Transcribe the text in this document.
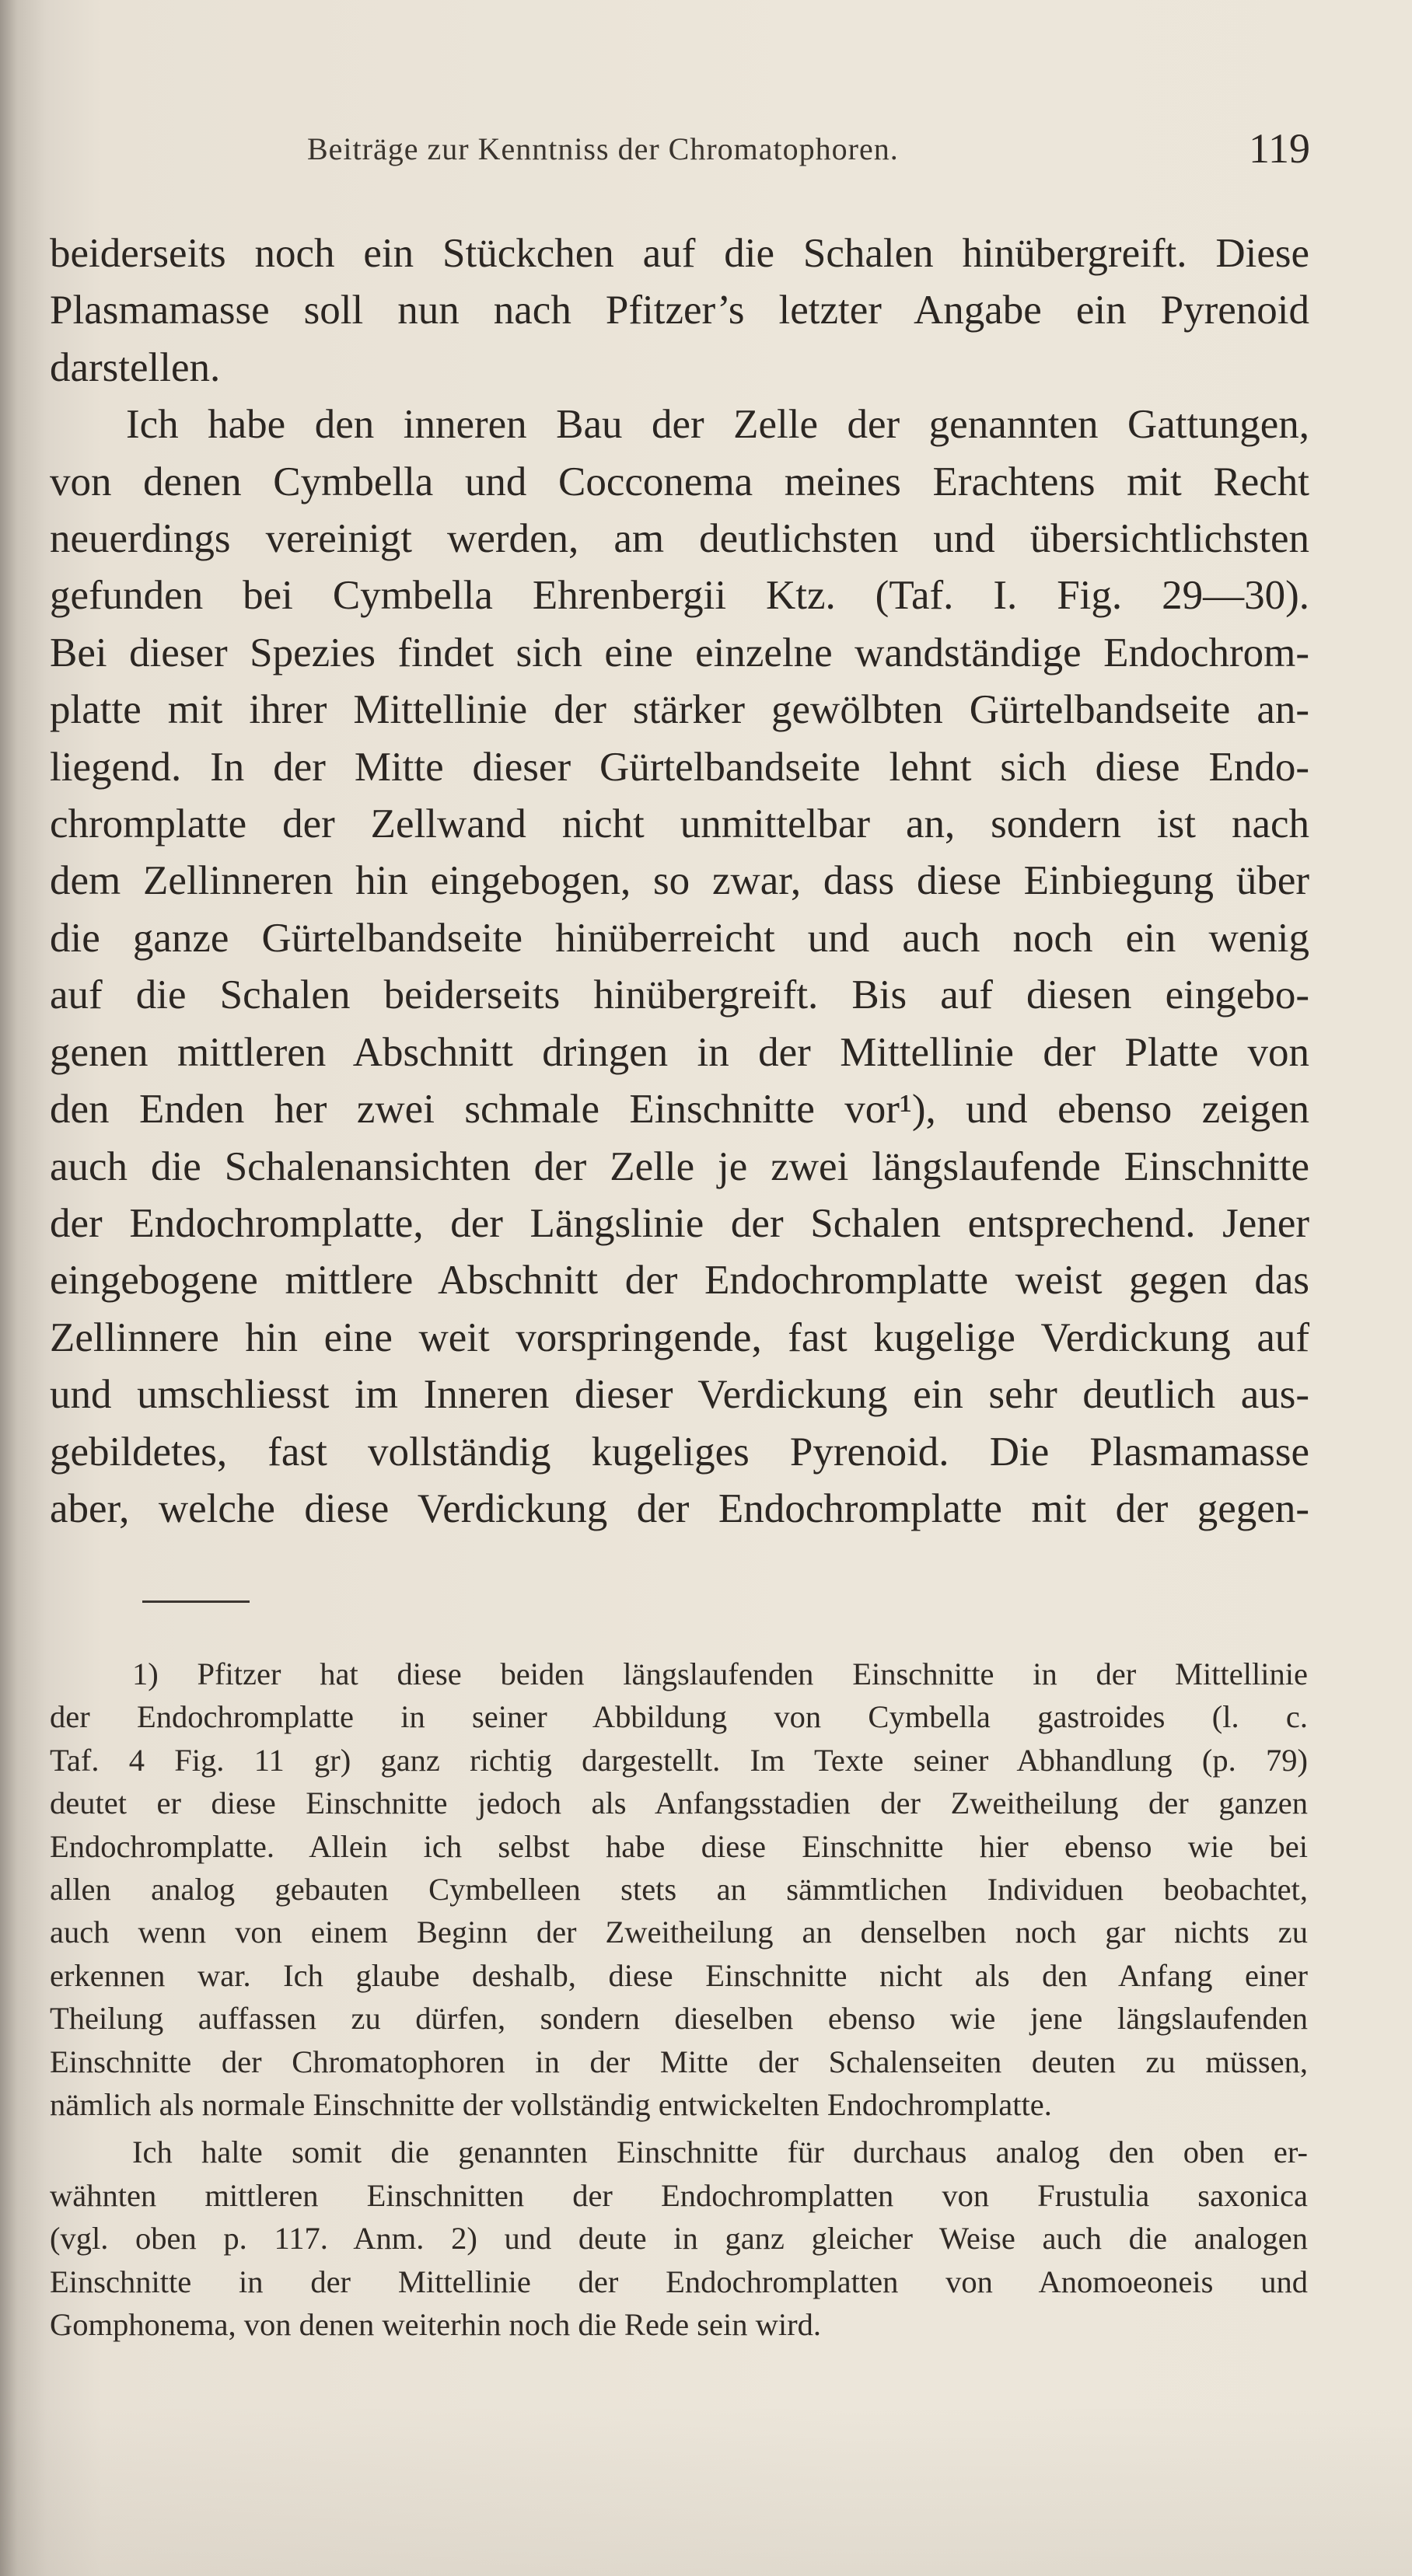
Beiträge zur Kenntniss der Chromatophoren.	119

beiderseits noch ein Stückchen auf die Schalen hinübergreift. Diese

Plasmamasse soll nun nach Pfitzer’s letzter Angabe ein Pyrenoid

darstellen.

Ich habe den inneren Bau der Zelle der genannten Gattungen,

von denen Cymbella und Cocconema meines Erachtens mit Recht

neuerdings vereinigt werden, am deutlichsten und übersichtlichsten

gefunden bei Cymbella Ehrenbergii Ktz. (Taf. I. Fig. 29—30).

Bei dieser Spezies findet sich eine einzelne wandständige Endochrom-

platte mit ihrer Mittellinie der stärker gewölbten Gürtelbandseite an-

liegend. In der Mitte dieser Gürtelbandseite lehnt sich diese Endo-

chromplatte der Zellwand nicht unmittelbar an, sondern ist nach

dem Zellinneren hin eingebogen, so zwar, dass diese Einbiegung über

die ganze Gürtelbandseite hinüberreicht und auch noch ein wenig

auf die Schalen beiderseits hinübergreift. Bis auf diesen eingebo-

genen mittleren Abschnitt dringen in der Mittellinie der Platte von

den Enden her zwei schmale Einschnitte vor¹), und ebenso zeigen

auch die Schalenansichten der Zelle je zwei längslaufende Einschnitte

der Endochromplatte, der Längslinie der Schalen entsprechend. Jener

eingebogene mittlere Abschnitt der Endochromplatte weist gegen das

Zellinnere hin eine weit vorspringende, fast kugelige Verdickung auf

und umschliesst im Inneren dieser Verdickung ein sehr deutlich aus-

gebildetes, fast vollständig kugeliges Pyrenoid. Die Plasmamasse

aber, welche diese Verdickung der Endochromplatte mit der gegen-

1) Pfitzer hat diese beiden längslaufenden Einschnitte in der Mittellinie

der Endochromplatte in seiner Abbildung von Cymbella gastroides (l. c.

Taf. 4 Fig. 11 gr) ganz richtig dargestellt. Im Texte seiner Abhandlung (p. 79)

deutet er diese Einschnitte jedoch als Anfangsstadien der Zweitheilung der ganzen

Endochromplatte. Allein ich selbst habe diese Einschnitte hier ebenso wie bei

allen analog gebauten Cymbelleen stets an sämmtlichen Individuen beobachtet,

auch wenn von einem Beginn der Zweitheilung an denselben noch gar nichts zu

erkennen war. Ich glaube deshalb, diese Einschnitte nicht als den Anfang einer

Theilung auffassen zu dürfen, sondern dieselben ebenso wie jene längslaufenden

Einschnitte der Chromatophoren in der Mitte der Schalenseiten deuten zu müssen,

nämlich als normale Einschnitte der vollständig entwickelten Endochromplatte.

Ich halte somit die genannten Einschnitte für durchaus analog den oben er-

wähnten mittleren Einschnitten der Endochromplatten von Frustulia saxonica

(vgl. oben p. 117. Anm. 2) und deute in ganz gleicher Weise auch die analogen

Einschnitte in der Mittellinie der Endochromplatten von Anomoeoneis und

Gomphonema, von denen weiterhin noch die Rede sein wird.
